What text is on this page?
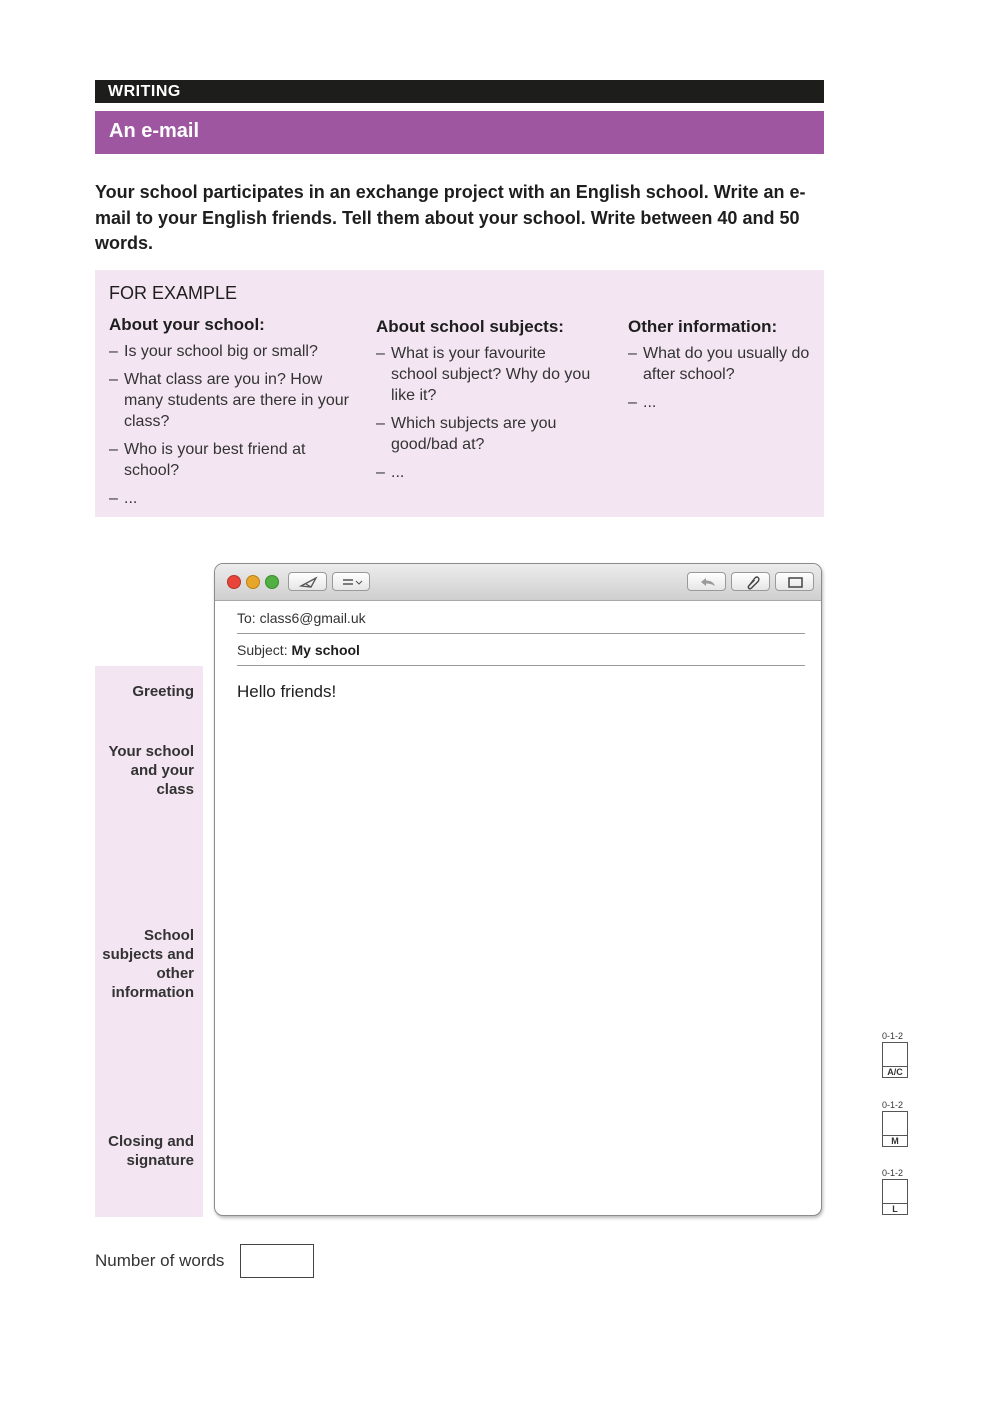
WRITING
An e-mail
Your school participates in an exchange project with an English school. Write an e-mail to your English friends. Tell them about your school. Write between 40 and 50 words.
FOR EXAMPLE
About your school:
– Is your school big or small?
– What class are you in? How many students are there in your class?
– Who is your best friend at school?
– ...
About school subjects:
– What is your favourite school subject? Why do you like it?
– Which subjects are you good/bad at?
– ...
Other information:
– What do you usually do after school?
– ...
Greeting
Your school and your class
School subjects and other information
Closing and signature
To: class6@gmail.uk
Subject: My school
Hello friends!
0-1-2
A/C
0-1-2
M
0-1-2
L
Number of words
